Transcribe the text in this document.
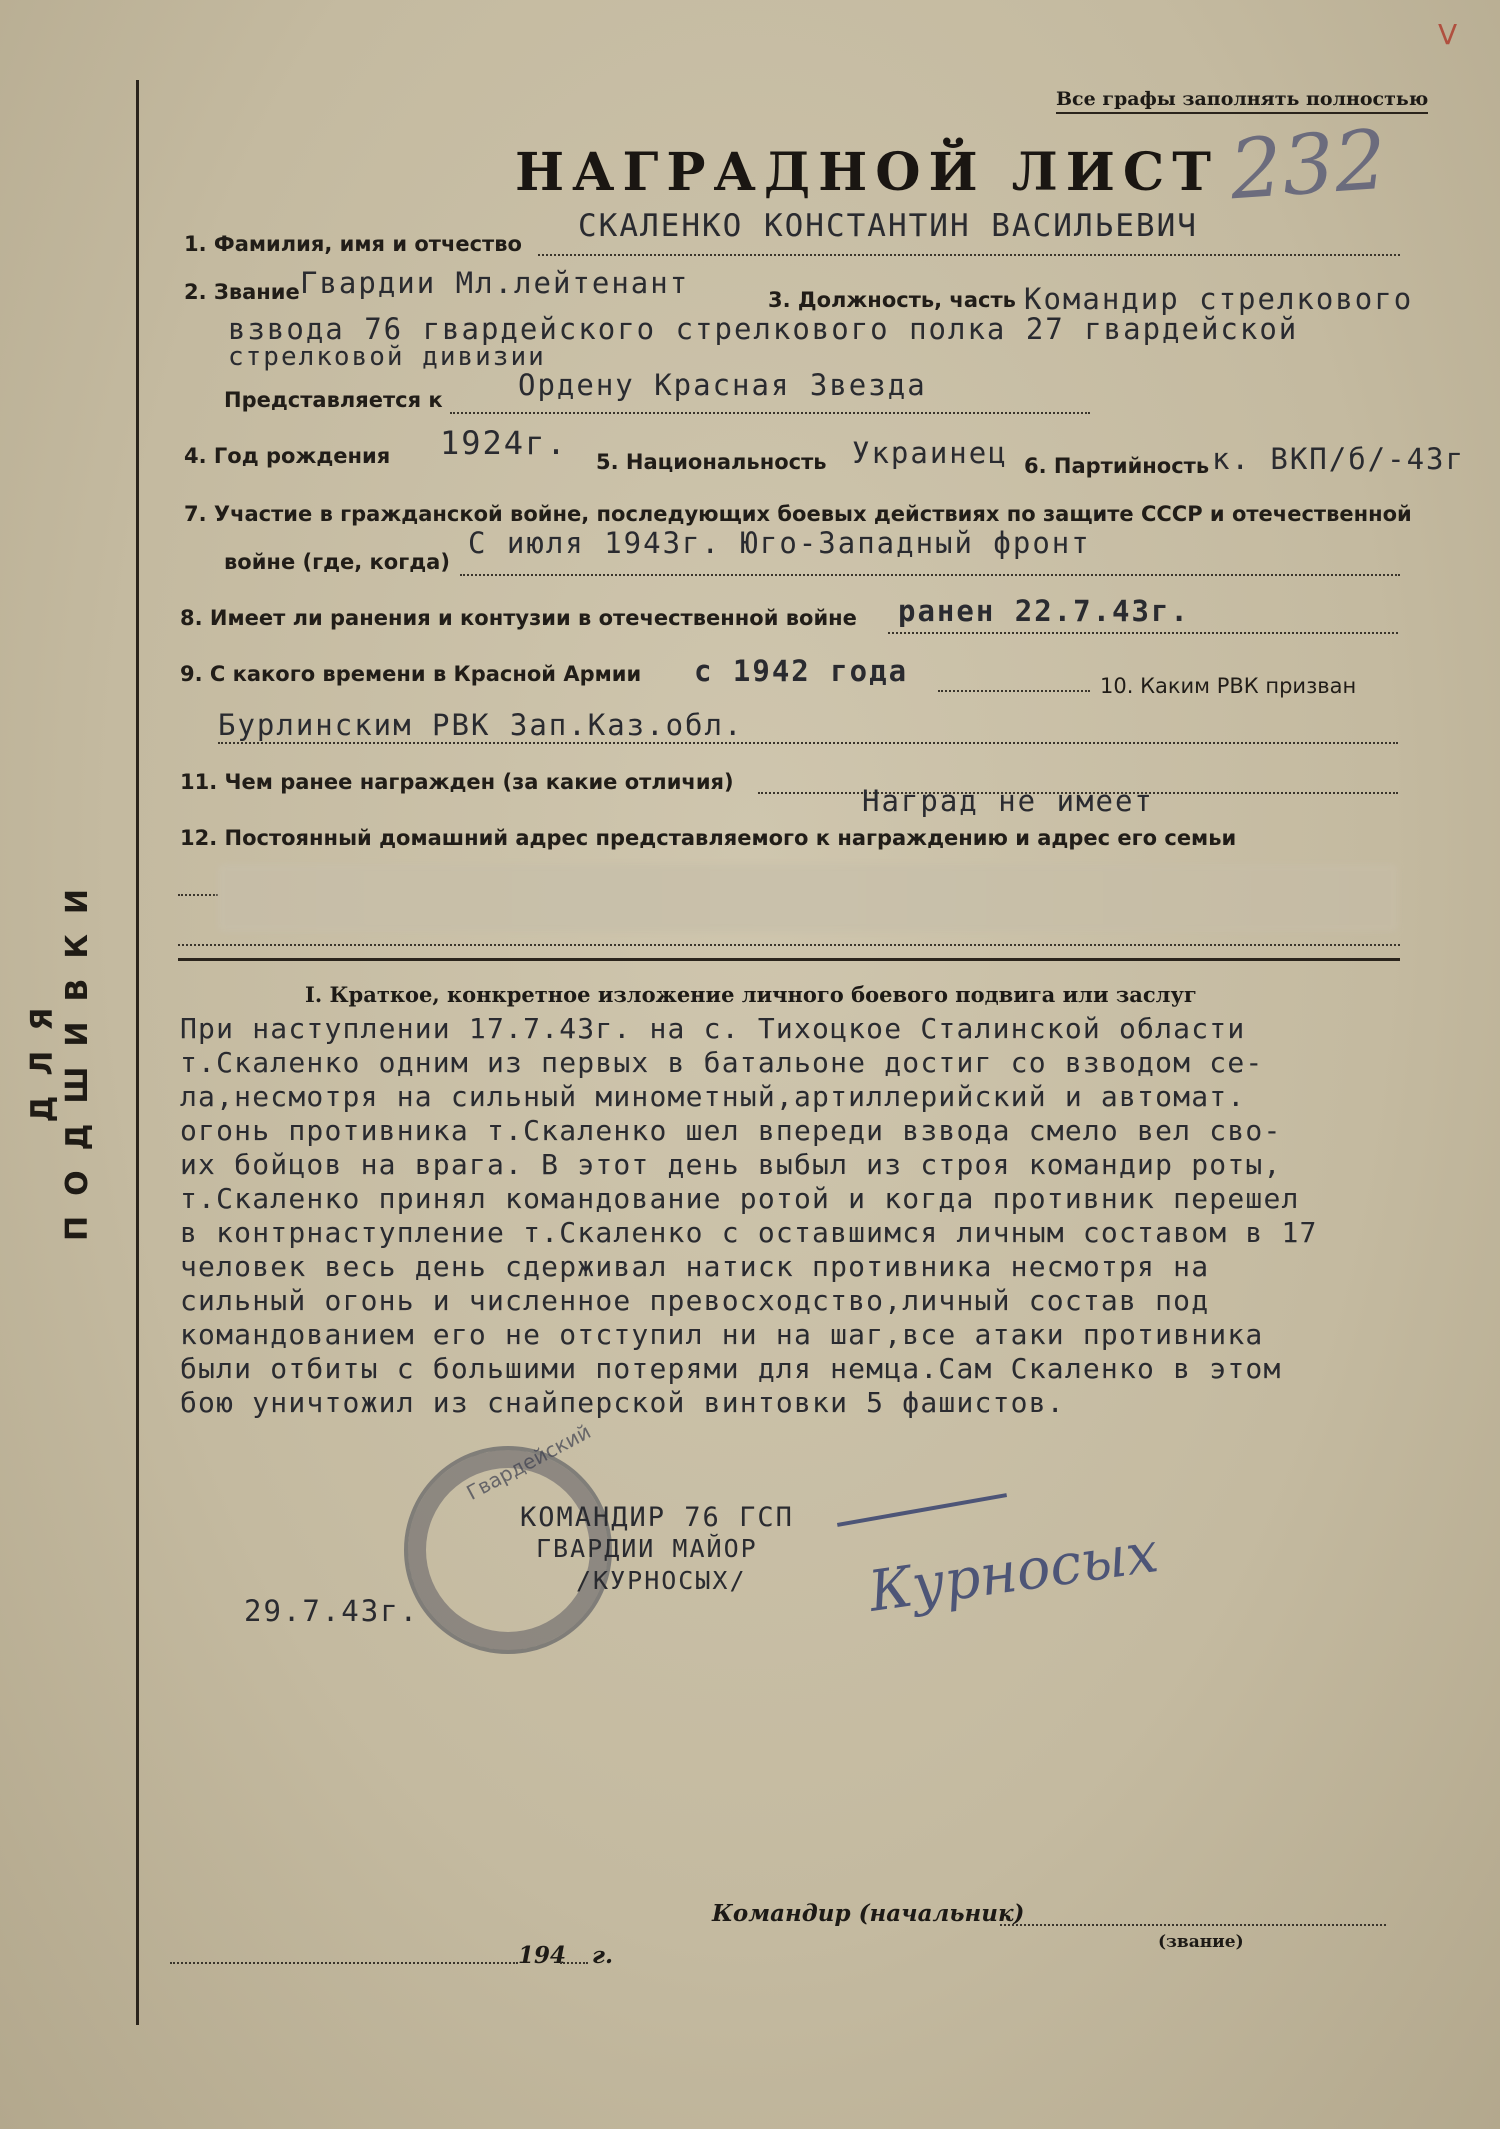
V
ДЛЯ ПОДШИВКИ
Все графы заполнять полностью
НАГРАДНОЙ ЛИСТ 232
1. Фамилия, имя и отчество СКАЛЕНКО КОНСТАНТИН ВАСИЛЬЕВИЧ
2. Звание Гвардии Мл.лейтенант	3. Должность, часть Командир стрелкового
взвода 76 гвардейского стрелкового полка 27 гвардейской
стрелковой дивизии
Представляется к	Ордену Красная Звезда
4. Год рождения 1924г. 5. Национальность Украинец 6. Партийность к. ВКП/б/-43г
7. Участие в гражданской войне, последующих боевых действиях по защите СССР и отечественной
войне (где, когда)
С июля 1943г. Юго-Западный фронт
8. Имеет ли ранения и контузии в отечественной войне ранен 22.7.43г.
9. С какого времени в Красной Армии с 1942 года	10. Каким РВК призван
Бурлинским РВК Зап.Каз.обл.
11. Чем ранее награжден (за какие отличия)
Наград не имеет
12. Постоянный домашний адрес представляемого к награждению и адрес его семьи
I. Краткое, конкретное изложение личного боевого подвига или заслуг
При наступлении 17.7.43г. на с. Тихоцкое Сталинской области
т.Скаленко одним из первых в батальоне достиг со взводом се-
ла,несмотря на сильный минометный,артиллерийский и автомат.
огонь противника т.Скаленко шел впереди взвода смело вел свo-
их бойцов на врага. В этот день выбыл из строя командир роты,
т.Скаленко принял командование ротой и когда противник перешел
в контрнаступление т.Скаленко с оставшимся личным составом в 17
человек весь день сдерживал натиск противника несмотря на
сильный огонь и численное превосходство,личный состав под
командованием его не отступил ни на шаг,все атаки противника
были отбиты с большими потерями для немца.Сам Скаленко в этом
бою уничтожил из снайперской винтовки 5 фашистов.
Гвардейский
КОМАНДИР 76 ГСП
ГВАРДИИ МАЙОР
/КУРНОСЫХ/
29.7.43г.	Курносых
Командир (начальник)
(звание)
194 г.
